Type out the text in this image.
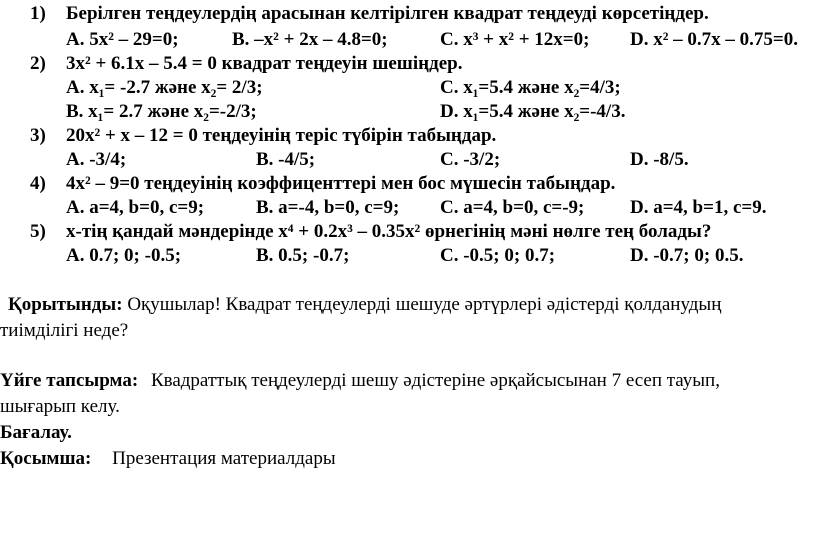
1) Берілген теңдеулердің арасынан келтірілген квадрат теңдеуді көрсетіңдер.
A. 5x² – 29=0;	B. –x² + 2x – 4.8=0;	C. x³ + x² + 12x=0; D. x² – 0.7x – 0.75=0.
2) 3x² + 6.1x – 5.4 = 0 квадрат теңдеуін шешіңдер.
A. x₁= -2.7 және x₂= 2/3;	C. x₁=5.4 және x₂=4/3;
B. x₁= 2.7 және x₂=-2/3;	D. x₁=5.4 және x₂=-4/3.
3) 20x² + x – 12 = 0 теңдеуінің теріс түбірін табыңдар.
A. -3/4;	B. -4/5;	C. -3/2;	D. -8/5.
4) 4x² – 9=0 теңдеуінің коэффиценттері мен бос мүшесін табыңдар.
A. a=4, b=0, c=9;	B. a=-4, b=0, c=9; C. a=4, b=0, c=-9; D. a=4, b=1, c=9.
5) x-тің қандай мәндерінде x⁴ + 0.2x³ – 0.35x² өрнегінің мәні нөлге тең болады?
A. 0.7; 0; -0.5;	B. 0.5; -0.7;	C. -0.5; 0; 0.7;	D. -0.7; 0; 0.5.
Қорытынды: Оқушылар! Квадрат теңдеулерді шешуде әртүрлері әдістерді қолданудың
тиімділігі неде?
Үйге тапсырма: Квадраттық теңдеулерді шешу әдістеріне әрқайсысынан 7 есеп тауып,
шығарып келу.
Бағалау.
Қосымша: Презентация материалдары
